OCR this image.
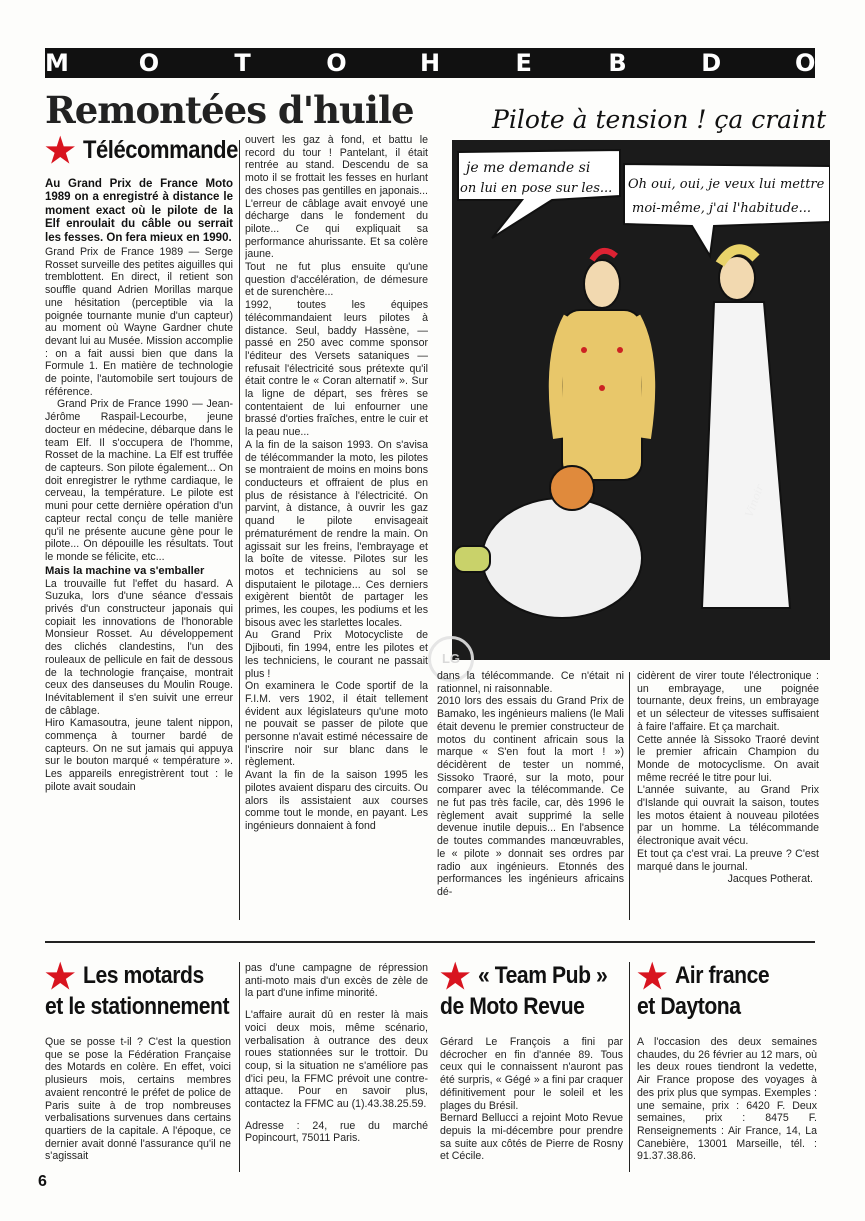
M	O	T	O	H	E	B	D	O
Remontées d'huile
★ Télécommande

Au Grand Prix de France Moto 1989 on a enregistré à distance le moment exact où le pilote de la Elf enroulait du câble ou serrait les fesses. On fera mieux en 1990.

Grand Prix de France 1989 — Serge Rosset surveille des petites aiguilles qui tremblottent. En direct, il retient son souffle quand Adrien Morillas marque une hésitation (perceptible via la poignée tournante munie d'un capteur) au moment où Wayne Gardner chute devant lui au Musée. Mission accomplie : on a fait aussi bien que dans la Formule 1. En matière de technologie de pointe, l'automobile sert toujours de référence.

Grand Prix de France 1990 — Jean-Jérôme Raspail-Lecourbe, jeune docteur en médecine, débarque dans le team Elf. Il s'occupera de l'homme, Rosset de la machine. La Elf est truffée de capteurs. Son pilote également... On doit enregistrer le rythme cardiaque, le cerveau, la température. Le pilote est muni pour cette dernière opération d'un capteur rectal conçu de telle manière qu'il ne présente aucune gène pour le pilote... On dépouille les résultats. Tout le monde se félicite, etc...

Mais la machine va s'emballer

La trouvaille fut l'effet du hasard. A Suzuka, lors d'une séance d'essais privés d'un constructeur japonais qui copiait les innovations de l'honorable Monsieur Rosset. Au développement des clichés clandestins, l'un des rouleaux de pellicule en fait de dessous de la technologie française, montrait ceux des danseuses du Moulin Rouge. Inévitablement il s'en suivit une erreur de câblage.

Hiro Kamasoutra, jeune talent nippon, commença à tourner bardé de capteurs. On ne sut jamais qui appuya sur le bouton marqué « température ». Les appareils enregistrèrent tout : le pilote avait soudain

ouvert les gaz à fond, et battu le record du tour ! Pantelant, il était rentrée au stand. Descendu de sa moto il se frottait les fesses en hurlant des choses pas gentilles en japonais... L'erreur de câblage avait envoyé une décharge dans le fondement du pilote... Ce qui expliquait sa performance ahurissante. Et sa colère jaune.

Tout ne fut plus ensuite qu'une question d'accélération, de démesure et de surenchère...

1992, toutes les équipes télécommandaient leurs pilotes à distance. Seul, baddy Hassène, — passé en 250 avec comme sponsor l'éditeur des Versets sataniques — refusait l'électricité sous prétexte qu'il était contre le « Coran alternatif ». Sur la ligne de départ, ses frères se contentaient de lui enfourner une brassé d'orties fraîches, entre le cuir et la peau nue...

A la fin de la saison 1993. On s'avisa de télécommander la moto, les pilotes se montraient de moins en moins bons conducteurs et offraient de plus en plus de résistance à l'électricité. On parvint, à distance, à ouvrir les gaz quand le pilote envisageait prématurément de rendre la main. On agissait sur les freins, l'embrayage et la boîte de vitesse. Pilotes sur les motos et techniciens au sol se disputaient le pilotage... Ces derniers exigèrent bientôt de partager les primes, les coupes, les podiums et les bisous avec les starlettes locales.

Au Grand Prix Motocycliste de Djibouti, fin 1994, entre les pilotes et les techniciens, le courant ne passait plus !

On examinera le Code sportif de la F.I.M. vers 1902, il était tellement évident aux législateurs qu'une moto ne pouvait se passer de pilote que personne n'avait estimé nécessaire de l'inscrire noir sur blanc dans le règlement.

Avant la fin de la saison 1995 les pilotes avaient disparu des circuits. Ou alors ils assistaient aux courses comme tout le monde, en payant. Les ingénieurs donnaient à fond

Pilote à tension ! ça craint !..
je me demande si
on lui en pose sur les... Oh oui, oui, je veux lui mettre
moi-même, j'ai l'habitude...
Vinoir
LG

dans la télécommande. Ce n'était ni rationnel, ni raisonnable.

2010 lors des essais du Grand Prix de Bamako, les ingénieurs maliens (le Mali était devenu le premier constructeur de motos du continent africain sous la marque « S'en fout la mort ! ») décidèrent de tester un nommé, Sissoko Traoré, sur la moto, pour comparer avec la télécommande. Ce ne fut pas très facile, car, dès 1996 le règlement avait supprimé la selle devenue inutile depuis... En l'absence de toutes commandes manœuvrables, le « pilote » donnait ses ordres par radio aux ingénieurs. Etonnés des performances les ingénieurs africains dé-

cidèrent de virer toute l'électronique : un embrayage, une poignée tournante, deux freins, un embrayage et un sélecteur de vitesses suffisaient à faire l'affaire. Et ça marchait.

Cette année là Sissoko Traoré devint le premier africain Champion du Monde de motocyclisme. On avait même recréé le titre pour lui.

L'année suivante, au Grand Prix d'Islande qui ouvrait la saison, toutes les motos étaient à nouveau pilotées par un homme. La télécommande électronique avait vécu.

Et tout ça c'est vrai. La preuve ? C'est marqué dans le journal.

Jacques Potherat.

★ Les motards
et le stationnement

Que se posse t-il ? C'est la question que se pose la Fédération Française des Motards en colère. En effet, voici plusieurs mois, certains membres avaient rencontré le préfet de police de Paris suite à de trop nombreuses verbalisations survenues dans certains quartiers de la capitale. A l'époque, ce dernier avait donné l'assurance qu'il ne s'agissait

pas d'une campagne de répression anti-moto mais d'un excès de zèle de la part d'une infime minorité.

L'affaire aurait dû en rester là mais voici deux mois, même scénario, verbalisation à outrance des deux roues stationnées sur le trottoir. Du coup, si la situation ne s'améliore pas d'ici peu, la FFMC prévoit une contre-attaque. Pour en savoir plus, contactez la FFMC au (1).43.38.25.59.

Adresse : 24, rue du marché Popincourt, 75011 Paris.

★ « Team Pub »
de Moto Revue

Gérard Le François a fini par décrocher en fin d'année 89. Tous ceux qui le connaissent n'auront pas été surpris, « Gégé » a fini par craquer définitivement pour le soleil et les plages du Brésil.

Bernard Bellucci a rejoint Moto Revue depuis la mi-décembre pour prendre sa suite aux côtés de Pierre de Rosny et Cécile.

★ Air france
et Daytona

A l'occasion des deux semaines chaudes, du 26 février au 12 mars, où les deux roues tiendront la vedette, Air France propose des voyages à des prix plus que sympas. Exemples : une semaine, prix : 6420 F. Deux semaines, prix : 8475 F. Renseignements : Air France, 14, La Canebière, 13001 Marseille, tél. : 91.37.38.86.

6
